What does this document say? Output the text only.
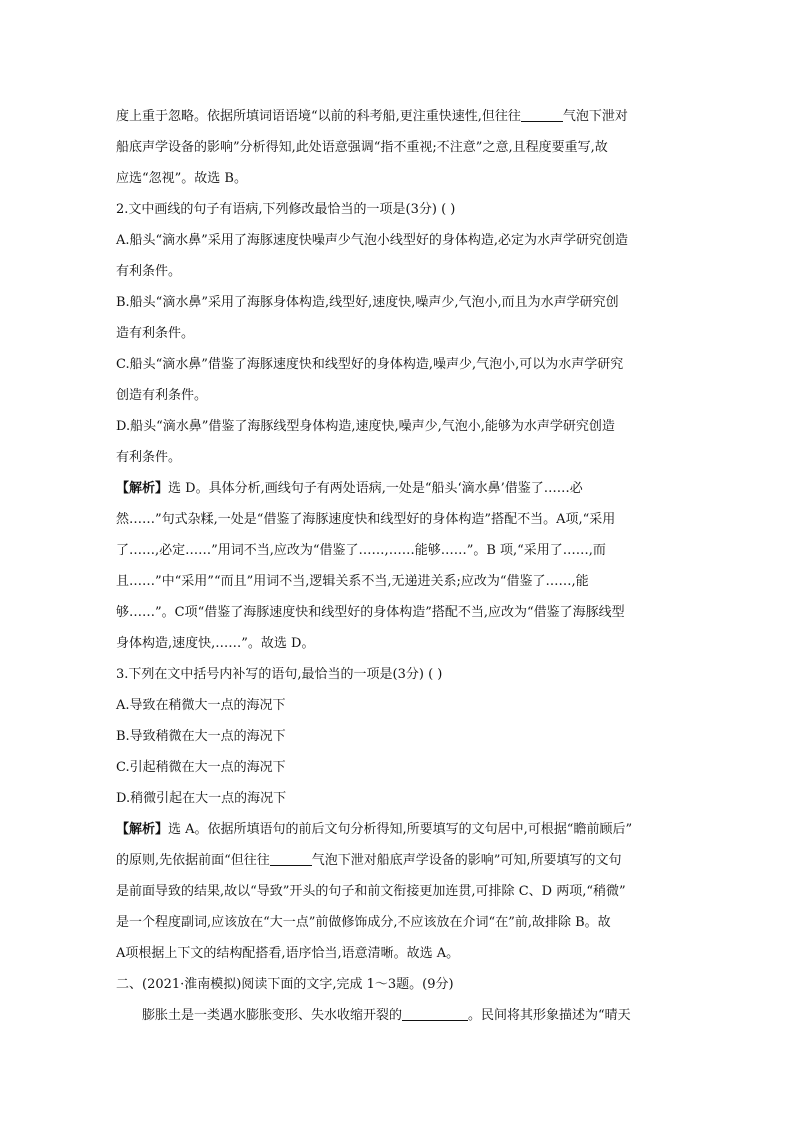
度上重于忽略。依据所填词语语境“以前的科考船,更注重快速性,但往往	气泡下泄对
船底声学设备的影响”分析得知,此处语意强调“指不重视;不注意”之意,且程度要重写,故
应选“忽视”。故选 B。
2.文中画线的句子有语病,下列修改最恰当的一项是(3分) ( )
A.船头“滴水鼻”采用了海豚速度快噪声少气泡小线型好的身体构造,必定为水声学研究创造
有利条件。
B.船头“滴水鼻”采用了海豚身体构造,线型好,速度快,噪声少,气泡小,而且为水声学研究创
造有利条件。
C.船头“滴水鼻”借鉴了海豚速度快和线型好的身体构造,噪声少,气泡小,可以为水声学研究
创造有利条件。
D.船头“滴水鼻”借鉴了海豚线型身体构造,速度快,噪声少,气泡小,能够为水声学研究创造
有利条件。
【解析】选 D。具体分析,画线句子有两处语病,一处是“船头‘滴水鼻’借鉴了……必
然……”句式杂糅,一处是“借鉴了海豚速度快和线型好的身体构造”搭配不当。A项,“采用
了……,必定……”用词不当,应改为“借鉴了……,……能够……”。B 项,“采用了……,而
且……”中“采用”“而且”用词不当,逻辑关系不当,无递进关系;应改为“借鉴了……,能
够……”。C项“借鉴了海豚速度快和线型好的身体构造”搭配不当,应改为“借鉴了海豚线型
身体构造,速度快,……”。故选 D。
3.下列在文中括号内补写的语句,最恰当的一项是(3分) ( )
A.导致在稍微大一点的海况下
B.导致稍微在大一点的海况下
C.引起稍微在大一点的海况下
D.稍微引起在大一点的海况下
【解析】选 A。依据所填语句的前后文句分析得知,所要填写的文句居中,可根据“瞻前顾后”
的原则,先依据前面“但往往	气泡下泄对船底声学设备的影响”可知,所要填写的文句
是前面导致的结果,故以“导致”开头的句子和前文衔接更加连贯,可排除 C、D 两项,“稍微”
是一个程度副词,应该放在“大一点”前做修饰成分,不应该放在介词“在”前,故排除 B。故
A项根据上下文的结构配搭看,语序恰当,语意清晰。故选 A。
二、(2021·淮南模拟)阅读下面的文字,完成 1～3题。(9分)
膨胀土是一类遇水膨胀变形、失水收缩开裂的	。民间将其形象描述为“晴天
